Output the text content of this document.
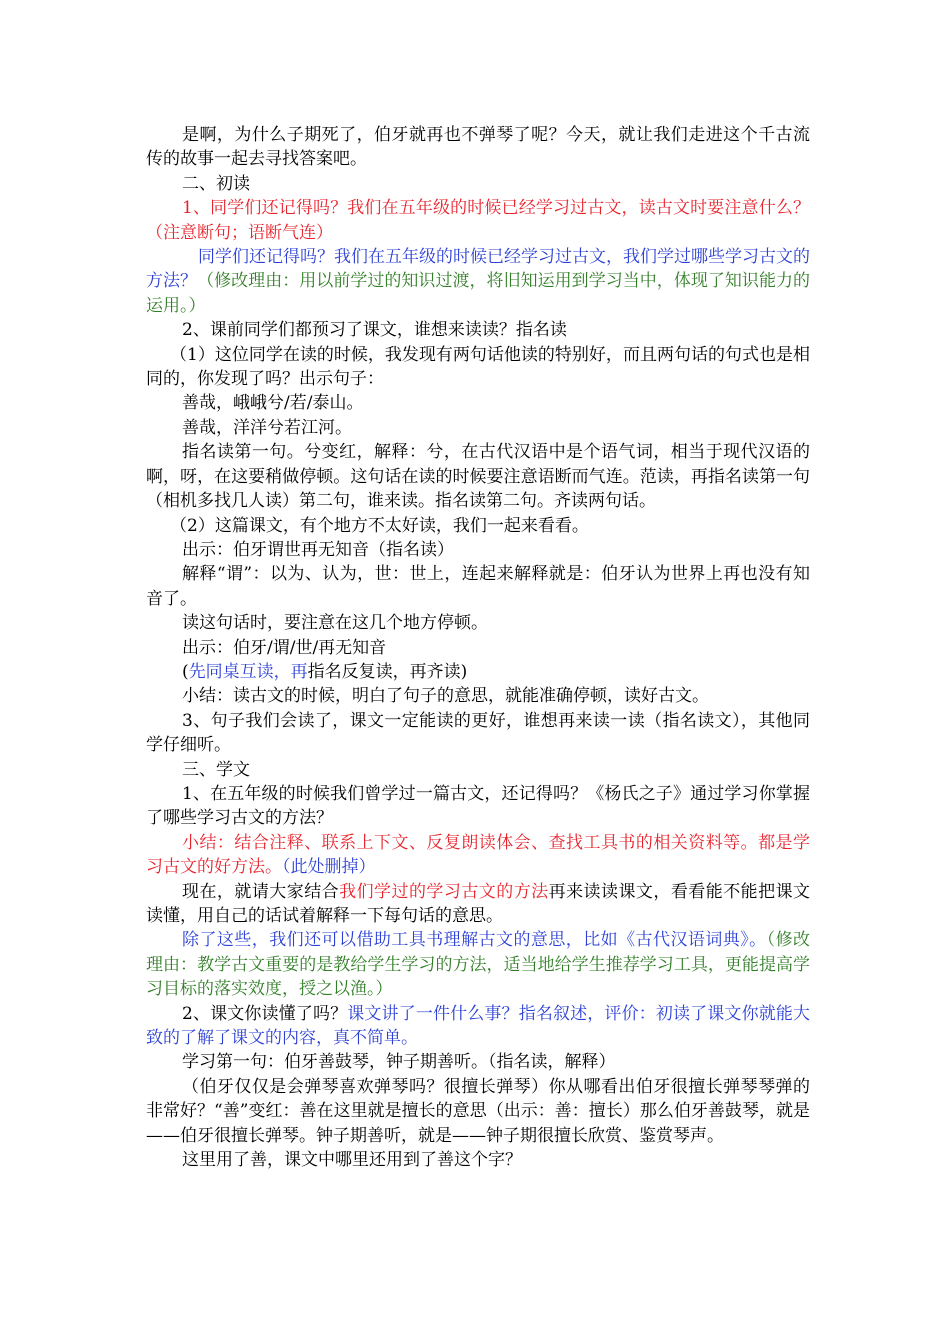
是啊，为什么子期死了，伯牙就再也不弹琴了呢？今天，就让我们走进这个千古流传的故事一起去寻找答案吧。

二、初读

1、同学们还记得吗？我们在五年级的时候已经学习过古文，读古文时要注意什么？（注意断句；语断气连）

同学们还记得吗？我们在五年级的时候已经学习过古文，我们学过哪些学习古文的方法？（修改理由：用以前学过的知识过渡，将旧知运用到学习当中，体现了知识能力的运用。）

2、课前同学们都预习了课文，谁想来读读？指名读

（1）这位同学在读的时候，我发现有两句话他读的特别好，而且两句话的句式也是相同的，你发现了吗？出示句子：

善哉，峨峨兮/若/泰山。

善哉，洋洋兮若江河。

指名读第一句。兮变红，解释：兮，在古代汉语中是个语气词，相当于现代汉语的啊，呀，在这要稍做停顿。这句话在读的时候要注意语断而气连。范读，再指名读第一句（相机多找几人读）第二句，谁来读。指名读第二句。齐读两句话。

（2）这篇课文，有个地方不太好读，我们一起来看看。

出示：伯牙谓世再无知音（指名读）

解释“谓”：以为、认为，世：世上，连起来解释就是：伯牙认为世界上再也没有知音了。

读这句话时，要注意在这几个地方停顿。

出示：伯牙/谓/世/再无知音

(先同桌互读，再指名反复读，再齐读)

小结：读古文的时候，明白了句子的意思，就能准确停顿，读好古文。

3、句子我们会读了，课文一定能读的更好，谁想再来读一读（指名读文），其他同学仔细听。

三、学文

1、在五年级的时候我们曾学过一篇古文，还记得吗？《杨氏之子》通过学习你掌握了哪些学习古文的方法？

小结：结合注释、联系上下文、反复朗读体会、查找工具书的相关资料等。都是学习古文的好方法。（此处删掉）

现在，就请大家结合我们学过的学习古文的方法再来读读课文，看看能不能把课文读懂，用自己的话试着解释一下每句话的意思。

除了这些，我们还可以借助工具书理解古文的意思，比如《古代汉语词典》。（修改理由：教学古文重要的是教给学生学习的方法，适当地给学生推荐学习工具，更能提高学习目标的落实效度，授之以渔。）

2、课文你读懂了吗？课文讲了一件什么事？指名叙述，评价：初读了课文你就能大致的了解了课文的内容，真不简单。

学习第一句：伯牙善鼓琴，钟子期善听。（指名读，解释）

（伯牙仅仅是会弹琴喜欢弹琴吗？很擅长弹琴）你从哪看出伯牙很擅长弹琴琴弹的非常好？“善”变红：善在这里就是擅长的意思（出示：善：擅长）那么伯牙善鼓琴，就是——伯牙很擅长弹琴。钟子期善听，就是——钟子期很擅长欣赏、鉴赏琴声。

这里用了善，课文中哪里还用到了善这个字？
